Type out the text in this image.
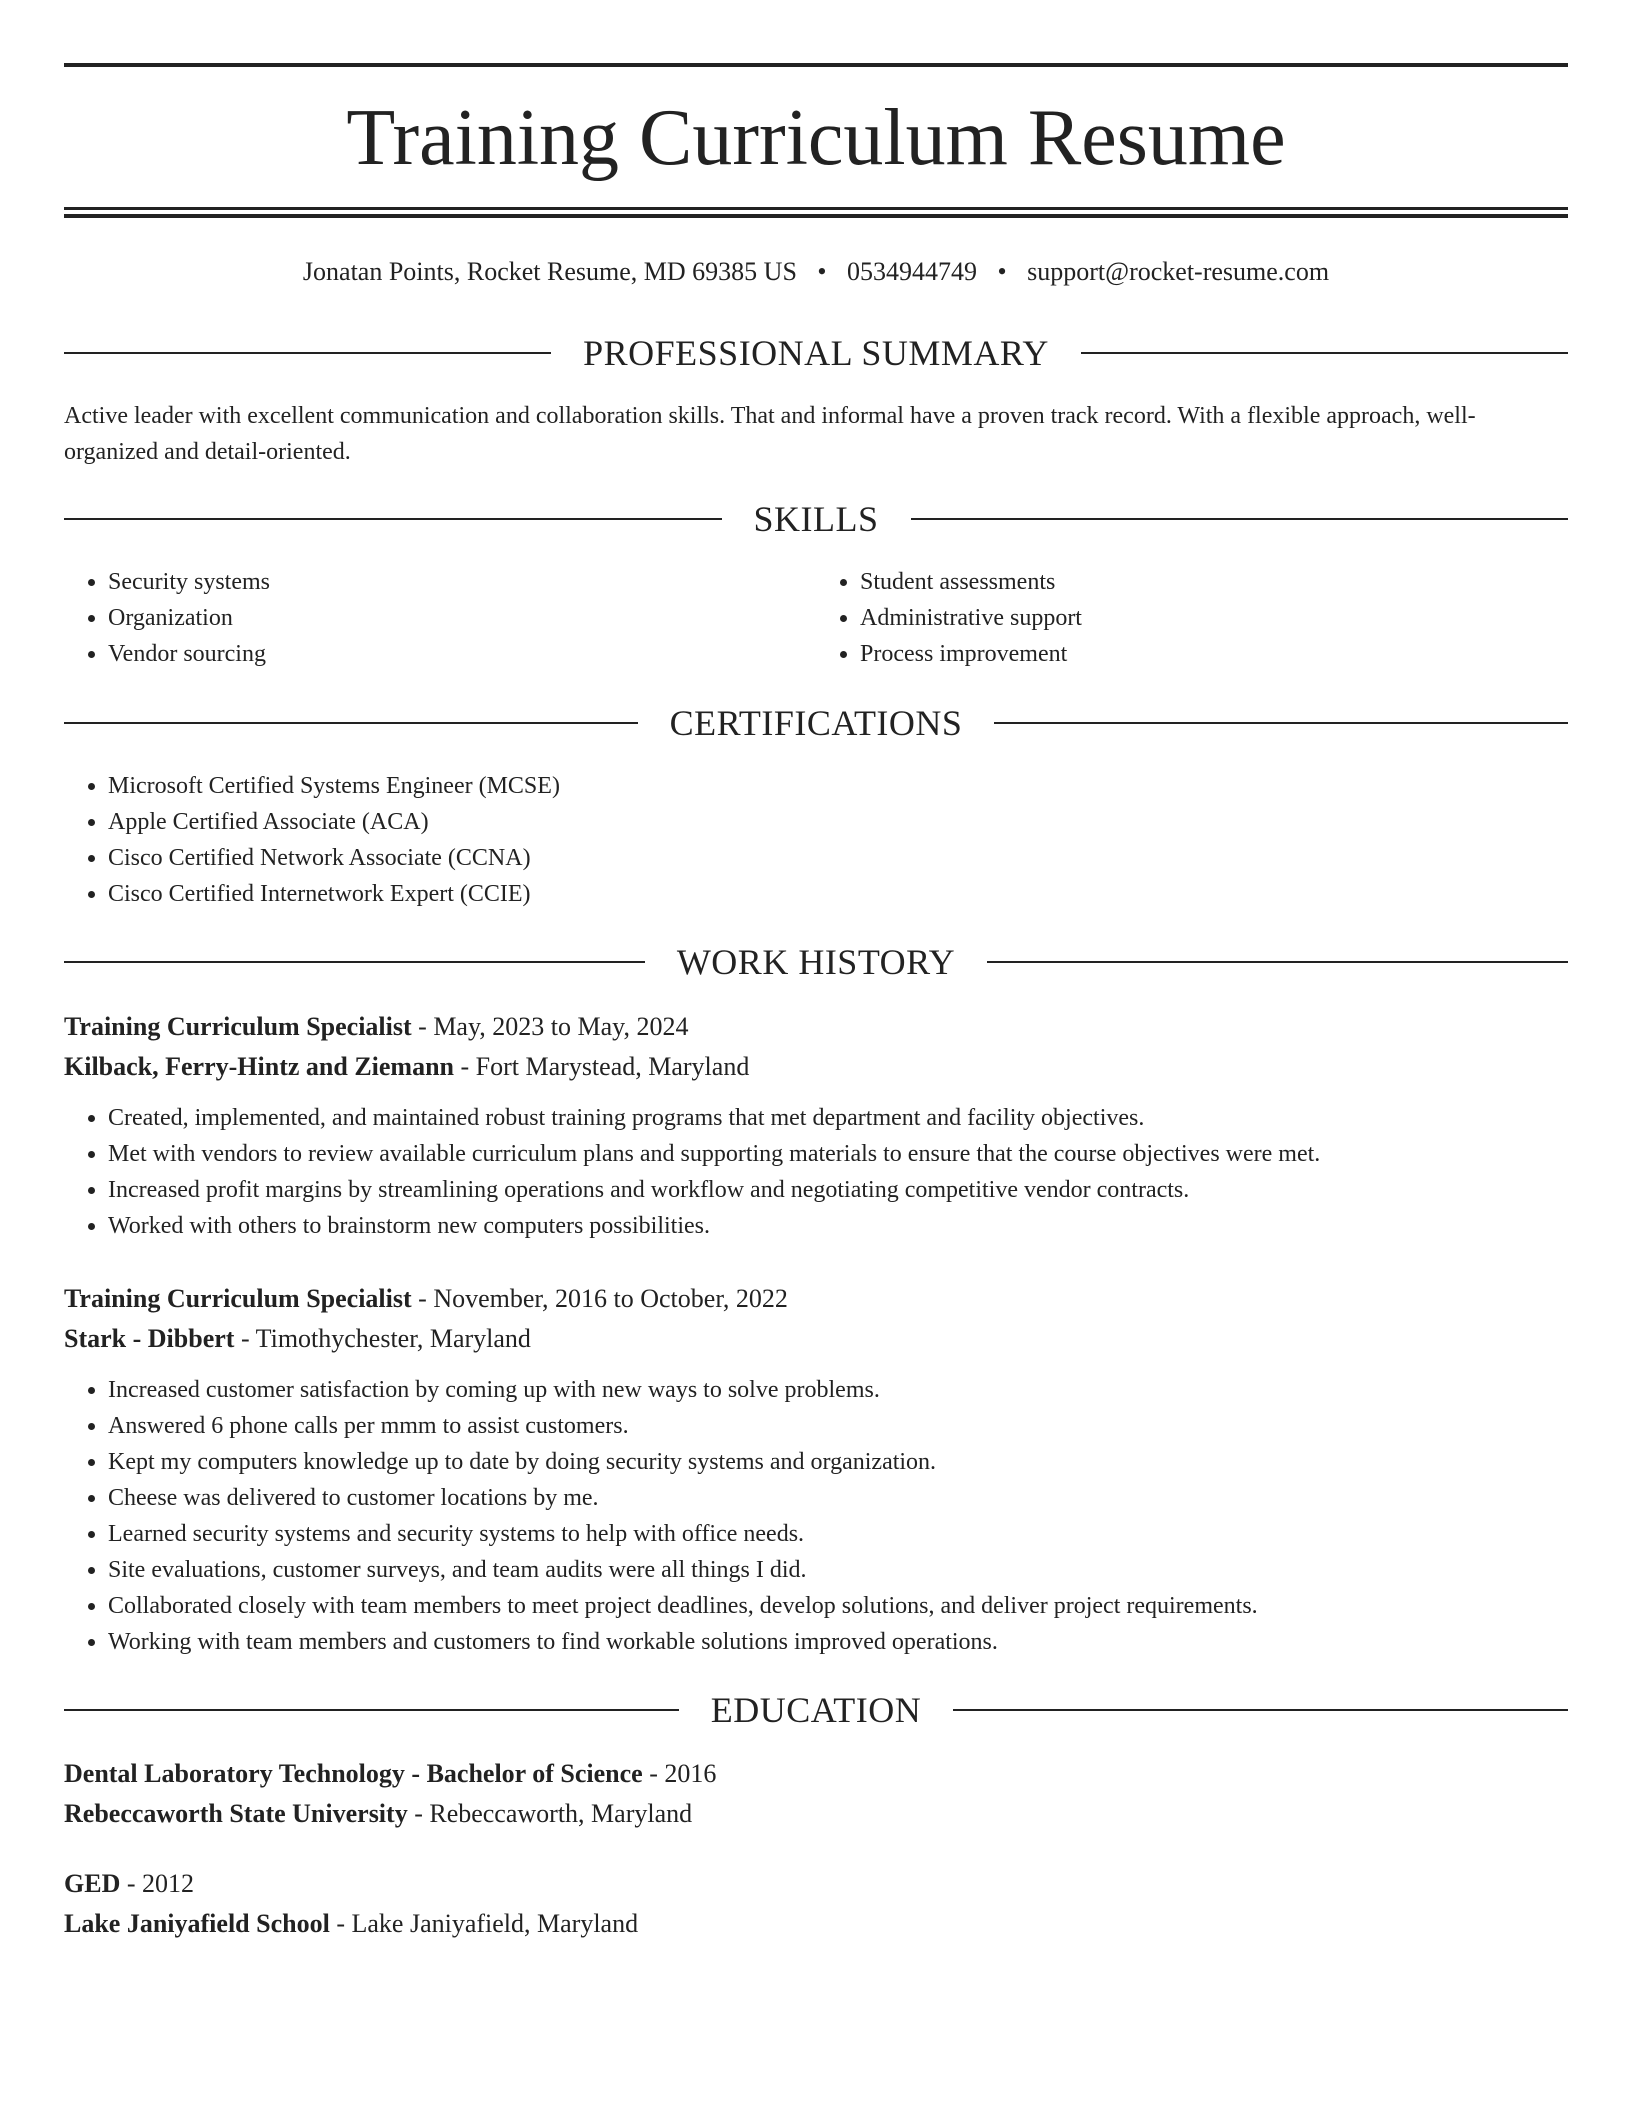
Training Curriculum Resume
Jonatan Points, Rocket Resume, MD 69385 US • 0534944749 • support@rocket-resume.com
PROFESSIONAL SUMMARY
Active leader with excellent communication and collaboration skills. That and informal have a proven track record. With a flexible approach, well-organized and detail-oriented.
SKILLS
• Security systems
• Organization
• Vendor sourcing
• Student assessments
• Administrative support
• Process improvement
CERTIFICATIONS
• Microsoft Certified Systems Engineer (MCSE)
• Apple Certified Associate (ACA)
• Cisco Certified Network Associate (CCNA)
• Cisco Certified Internetwork Expert (CCIE)
WORK HISTORY
Training Curriculum Specialist - May, 2023 to May, 2024
Kilback, Ferry-Hintz and Ziemann - Fort Marystead, Maryland
• Created, implemented, and maintained robust training programs that met department and facility objectives.
• Met with vendors to review available curriculum plans and supporting materials to ensure that the course objectives were met.
• Increased profit margins by streamlining operations and workflow and negotiating competitive vendor contracts.
• Worked with others to brainstorm new computers possibilities.
Training Curriculum Specialist - November, 2016 to October, 2022
Stark - Dibbert - Timothychester, Maryland
• Increased customer satisfaction by coming up with new ways to solve problems.
• Answered 6 phone calls per mmm to assist customers.
• Kept my computers knowledge up to date by doing security systems and organization.
• Cheese was delivered to customer locations by me.
• Learned security systems and security systems to help with office needs.
• Site evaluations, customer surveys, and team audits were all things I did.
• Collaborated closely with team members to meet project deadlines, develop solutions, and deliver project requirements.
• Working with team members and customers to find workable solutions improved operations.
EDUCATION
Dental Laboratory Technology - Bachelor of Science - 2016
Rebeccaworth State University - Rebeccaworth, Maryland
GED - 2012
Lake Janiyafield School - Lake Janiyafield, Maryland
